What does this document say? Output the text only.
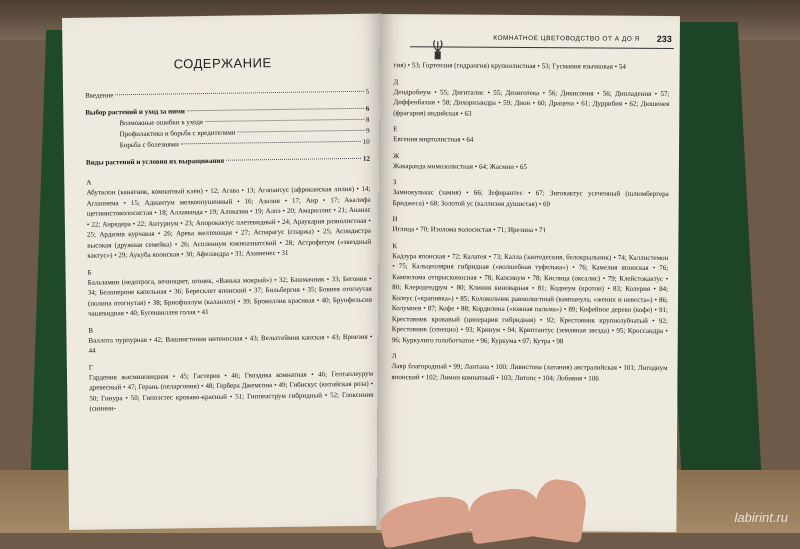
СОДЕРЖАНИЕ
Введение	5
Выбор растений и уход за ними	6
Возможные ошибки в уходе	8
Профилактика и борьба с вредителями	9
Борьба с болезнями	10
Виды растений и условия их выращивания	12
А

Абутилон (канатник, комнатный клен) • 12; Агава • 13; Агапантус (африканская лилия) • 14; Аглаонема • 15; Адиантум мелкоопушенный • 16; Азалия • 17; Аир • 17; Акалифа щетинистоволосистая • 18; Алламанда • 19; Алоказия • 19; Алоэ • 20; Амариллис • 21; Ананас • 22; Анредера • 22; Антуриум • 23; Апорокактус плетевидный • 24; Араукария разнолистная • 25; Ардизия курчавая • 26; Арека желтеющая • 27; Аспарагус (спаржа) • 25; Аспидистра высокая (дружная семейка) • 26; Аспленнум южноазиатский • 28; Астрофитум («звездный кактус») • 29; Аукуба японская • 30; Афеландра • 31; Ахименес • 31

Б

Бальзамин (недотрога, вечноцвет, огонек, «Ванька мокрый») • 32; Башмачник • 33; Бегония • 34; Белопероне капельная • 36; Бересклет японский • 37; Бильбергия • 35; Бовиея отогнутая (полина отогнутая) • 38; Бриофиллум (каланхоэ) • 39; Бровиллия красивая • 40; Брунфельсия чашевидная • 40; Бугенвиллея голая • 41

В

Валлота пурпурная • 42; Вашингтония нитеносная • 43; Вельтгеймия капская • 43; Вриезия • 44

Г

Гардения жасминовидная • 45; Гастерия • 46; Гвоздика комнатная • 46; Гептаплеурум древесный • 47; Герань (пеларгония) • 48; Гербера Джемсона • 49; Гибискус (китайская роза) • 50; Гинура • 50; Гипоэстес кроваво-красный • 51; Гиппеаструм гибридный • 52; Глоксиния (синнин-

КОМНАТНОЕ ЦВЕТОВОДСТВО ОТ А ДО Я 233

гия) • 53; Гортензия (гидрангия) крупнолистная • 53; Гусмания язычковая • 54

Д

Дендробиум • 55; Дигиталис • 55; Дизиготека • 56; Дикисония • 56; Дипладения • 57; Диффенбахия • 58; Дихоризандра • 59; Дион • 60; Драцена • 61; Дуррибия • 62; Дюшенея (фрагария) индийская • 63

Е

Евгения миртолистная • 64

Ж

Жакаранда мимозолистная • 64; Жасмин • 65

З

Замиокулькас (замия) • 66; Зефирантес • 67; Зигокактус усеченный (шлюмбергера Бриджеса) • 68; Золотой ус (каллизия душистая) • 69

И

Иглица • 70; Изолома волосистая • 71; Ирезина • 71

К

Кадзура японская • 72; Калатея • 73; Калла (зантедеския, белокрыльник) • 74; Каллистемон • 75; Кальцеолярия гибридная («волшебная туфелька») • 76; Камелия японская • 76; Кампелома отпрысконосная • 78; Капсикум • 78; Кислица (оксалис) • 79; Клейстокактус • 80; Клеродендрум • 80; Кливия киноварная • 81; Кодиеум (кротон) • 83; Колерия • 84; Колеус («крапивка») • 85; Колокольчик равнолистный (кампанула, «жених и невеста») • 86; Колумнея • 87; Кофе • 88; Кордилина («южная пальма») • 89; Кофейное дерево (кофе) • 91; Крестовник кровавый (цинерария гибридная) • 92; Крестовник крупнозубчатый • 92; Крестовник (сенецио) • 93; Кринум • 94; Криптантус (земляная звезда) • 95; Кроссандра • 96; Куркулиго голоботчатое • 96; Куркума • 97; Кутра • 98

Л

Лавр благородный • 99; Лантана • 100; Ливистона (латания) австралийская • 101; Лигодиум японский • 102; Лимон комнатный • 103; Литопс • 104; Лобивия • 106

labirint.ru
